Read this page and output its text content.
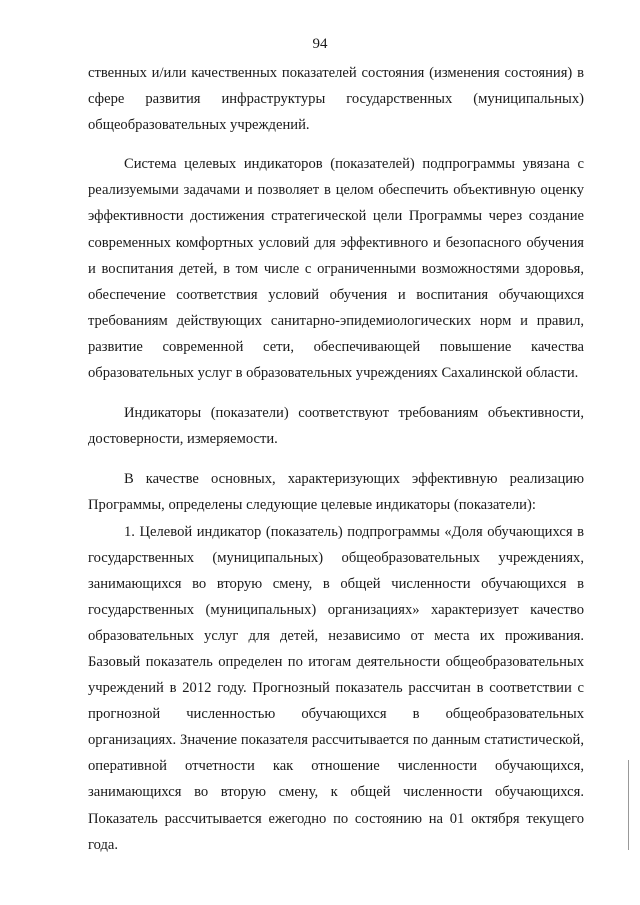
94

ственных и/или качественных показателей состояния (изменения состояния) в сфере развития инфраструктуры государственных (муниципальных) общеобразовательных учреждений.

Система целевых индикаторов (показателей) подпрограммы увязана с реализуемыми задачами и позволяет в целом обеспечить объективную оценку эффективности достижения стратегической цели Программы через создание современных комфортных условий для эффективного и безопасного обучения и воспитания детей, в том числе с ограниченными возможностями здоровья, обеспечение соответствия условий обучения и воспитания обучающихся требованиям действующих санитарно-эпидемиологических норм и правил, развитие современной сети, обеспечивающей повышение качества образовательных услуг в образовательных учреждениях Сахалинской области.

Индикаторы (показатели) соответствуют требованиям объективности, достоверности, измеряемости.

В качестве основных, характеризующих эффективную реализацию Программы, определены следующие целевые индикаторы (показатели):

1. Целевой индикатор (показатель) подпрограммы «Доля обучающихся в государственных (муниципальных) общеобразовательных учреждениях, занимающихся во вторую смену, в общей численности обучающихся в государственных (муниципальных) организациях» характеризует качество образовательных услуг для детей, независимо от места их проживания. Базовый показатель определен по итогам деятельности общеобразовательных учреждений в 2012 году. Прогнозный показатель рассчитан в соответствии с прогнозной численностью обучающихся в общеобразовательных организациях. Значение показателя рассчитывается по данным статистической, оперативной отчетности как отношение численности обучающихся, занимающихся во вторую смену, к общей численности обучающихся. Показатель рассчитывается ежегодно по состоянию на 01 октября текущего года.
